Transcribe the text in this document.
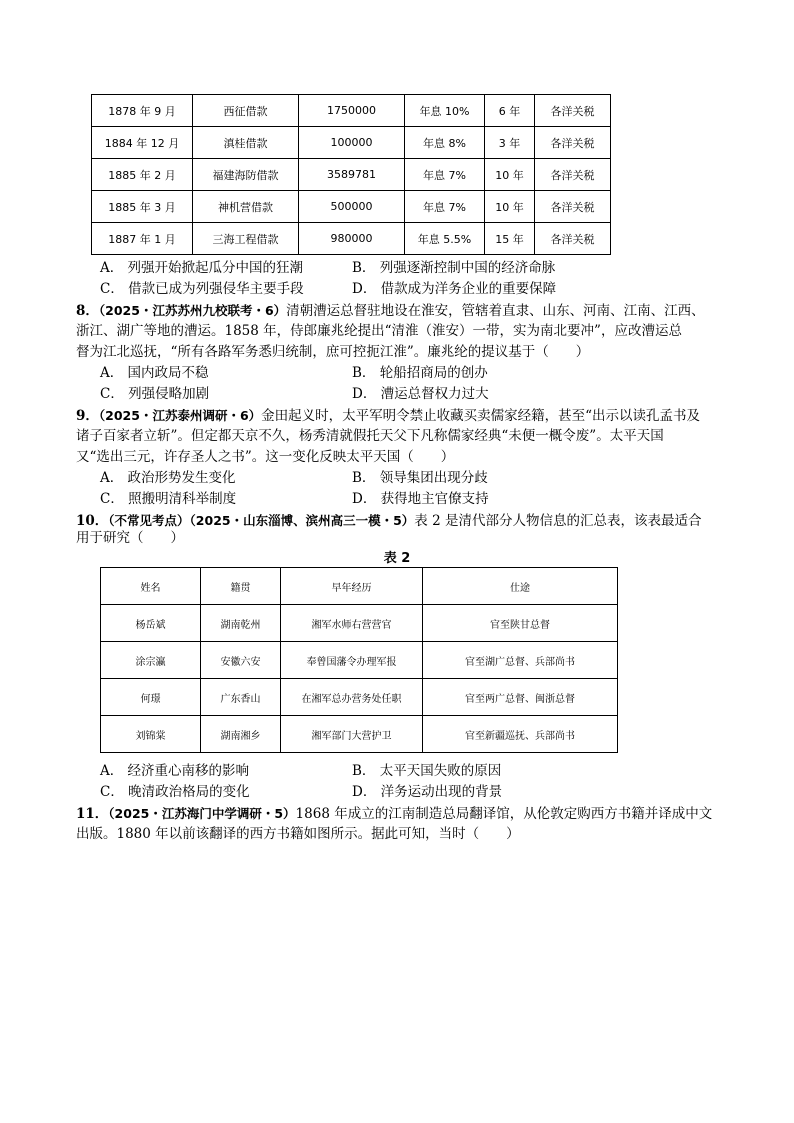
1878 年 9 月	西征借款	1750000	年息 10%	6 年	各洋关税
1884 年 12 月	滇桂借款	100000	年息 8%	3 年	各洋关税
1885 年 2 月	福建海防借款	3589781	年息 7%	10 年	各洋关税
1885 年 3 月	神机营借款	500000	年息 7%	10 年	各洋关税
1887 年 1 月	三海工程借款	980000	年息 5.5%	15 年	各洋关税
A． 列强开始掀起瓜分中国的狂潮	B． 列强逐渐控制中国的经济命脉
C． 借款已成为列强侵华主要手段	D． 借款成为洋务企业的重要保障
8．（2025・江苏苏州九校联考・6）清朝漕运总督驻地设在淮安，管辖着直隶、山东、河南、江南、江西、
浙江、湖广等地的漕运。1858 年，侍郎廉兆纶提出“清淮（淮安）一带，实为南北要冲”，应改漕运总
督为江北巡抚，“所有各路军务悉归统制，庶可控扼江淮”。廉兆纶的提议基于（　　）
A． 国内政局不稳	B． 轮船招商局的创办
C． 列强侵略加剧	D． 漕运总督权力过大
9．（2025・江苏泰州调研・6）金田起义时，太平军明令禁止收藏买卖儒家经籍，甚至“出示以读孔孟书及
诸子百家者立斩”。但定都天京不久，杨秀清就假托天父下凡称儒家经典“未便一概令废”。太平天国
又“选出三元，许存圣人之书”。这一变化反映太平天国（　　）
A． 政治形势发生变化	B． 领导集团出现分歧
C． 照搬明清科举制度	D． 获得地主官僚支持
10．（不常见考点）（2025・山东淄博、滨州高三一模・5）表 2 是清代部分人物信息的汇总表，该表最适合
用于研究（　　）
表 2
姓名	籍贯	早年经历	仕途
杨岳斌	湖南乾州	湘军水师右营营官	官至陕甘总督
涂宗瀛	安徽六安	奉曾国藩令办理军报	官至湖广总督、兵部尚书
何璟	广东香山	在湘军总办营务处任职	官至两广总督、闽浙总督
刘锦棠	湖南湘乡	湘军部门大营护卫	官至新疆巡抚、兵部尚书
A． 经济重心南移的影响	B． 太平天国失败的原因
C． 晚清政治格局的变化	D． 洋务运动出现的背景
11．（2025・江苏海门中学调研・5）1868 年成立的江南制造总局翻译馆，从伦敦定购西方书籍并译成中文
出版。1880 年以前该翻译的西方书籍如图所示。据此可知，当时（　　）
